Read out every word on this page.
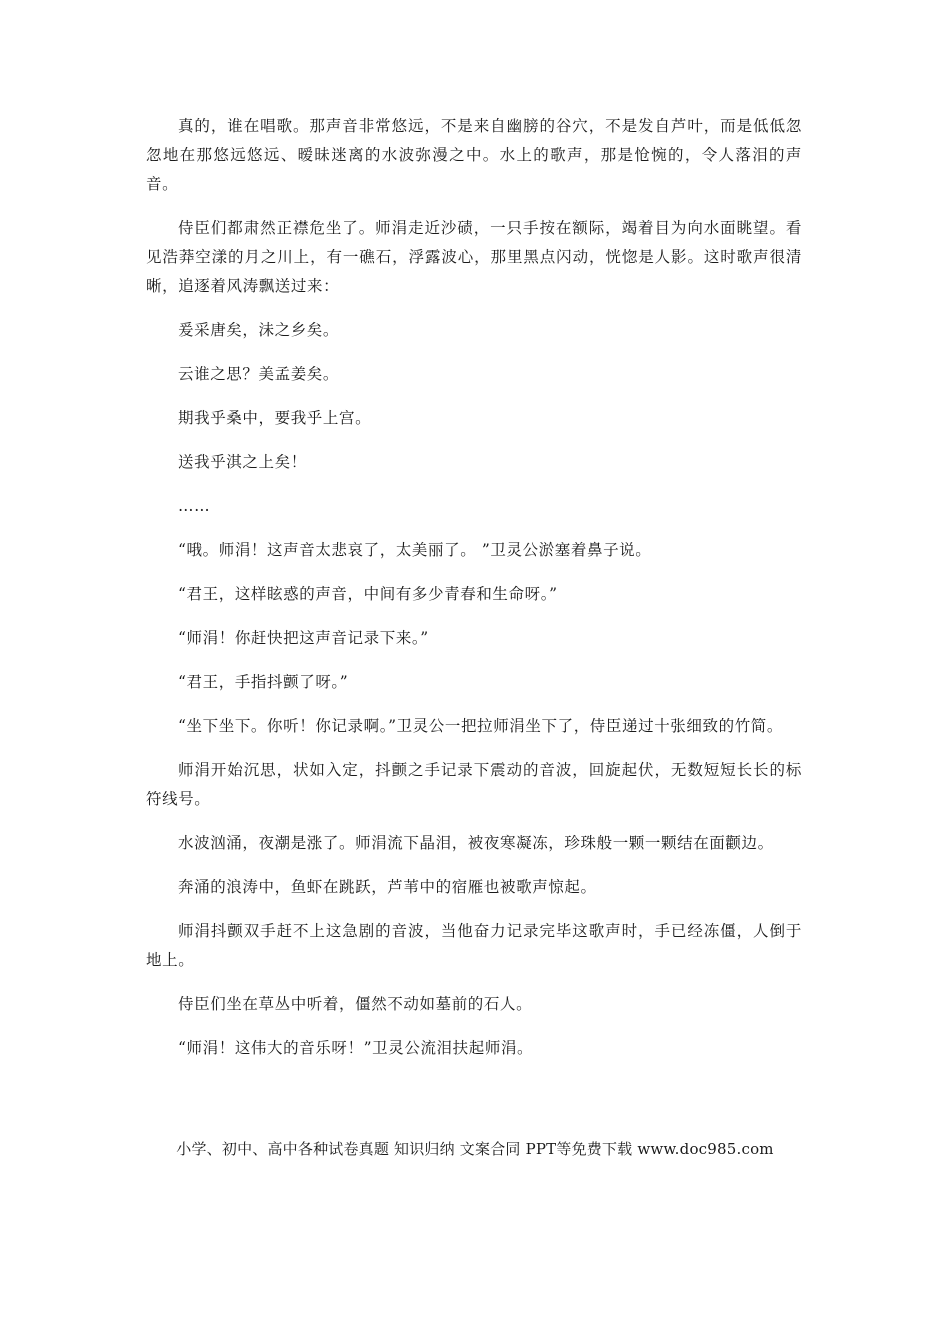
真的，谁在唱歌。那声音非常悠远，不是来自幽膀的谷穴，不是发自芦叶，而是低低忽忽地在那悠远悠远、暧昧迷离的水波弥漫之中。水上的歌声，那是怆惋的，令人落泪的声音。

侍臣们都肃然正襟危坐了。师涓走近沙碛，一只手按在额际，竭着目为向水面眺望。看见浩莽空漾的月之川上，有一礁石，浮露波心，那里黑点闪动，恍惚是人影。这时歌声很清晰，追逐着风涛飘送过来：

爰采唐矣，沬之乡矣。

云谁之思？美孟姜矣。

期我乎桑中，要我乎上宫。

送我乎淇之上矣！

……

“哦。师涓！这声音太悲哀了，太美丽了。 ”卫灵公淤塞着鼻子说。

“君王，这样眩惑的声音，中间有多少青春和生命呀。”

“师涓！你赶快把这声音记录下来。”

“君王，手指抖颤了呀。”

“坐下坐下。你听！你记录啊。”卫灵公一把拉师涓坐下了，侍臣递过十张细致的竹简。

师涓开始沉思，状如入定，抖颤之手记录下震动的音波，回旋起伏，无数短短长长的标符线号。

水波汹涌，夜潮是涨了。师涓流下晶泪，被夜寒凝冻，珍珠般一颗一颗结在面颧边。

奔涌的浪涛中，鱼虾在跳跃，芦苇中的宿雁也被歌声惊起。

师涓抖颤双手赶不上这急剧的音波，当他奋力记录完毕这歌声时，手已经冻僵，人倒于地上。

侍臣们坐在草丛中听着，僵然不动如墓前的石人。

“师涓！这伟大的音乐呀！”卫灵公流泪扶起师涓。

小学、初中、高中各种试卷真题 知识归纳 文案合同 PPT等免费下载 www.doc985.com
